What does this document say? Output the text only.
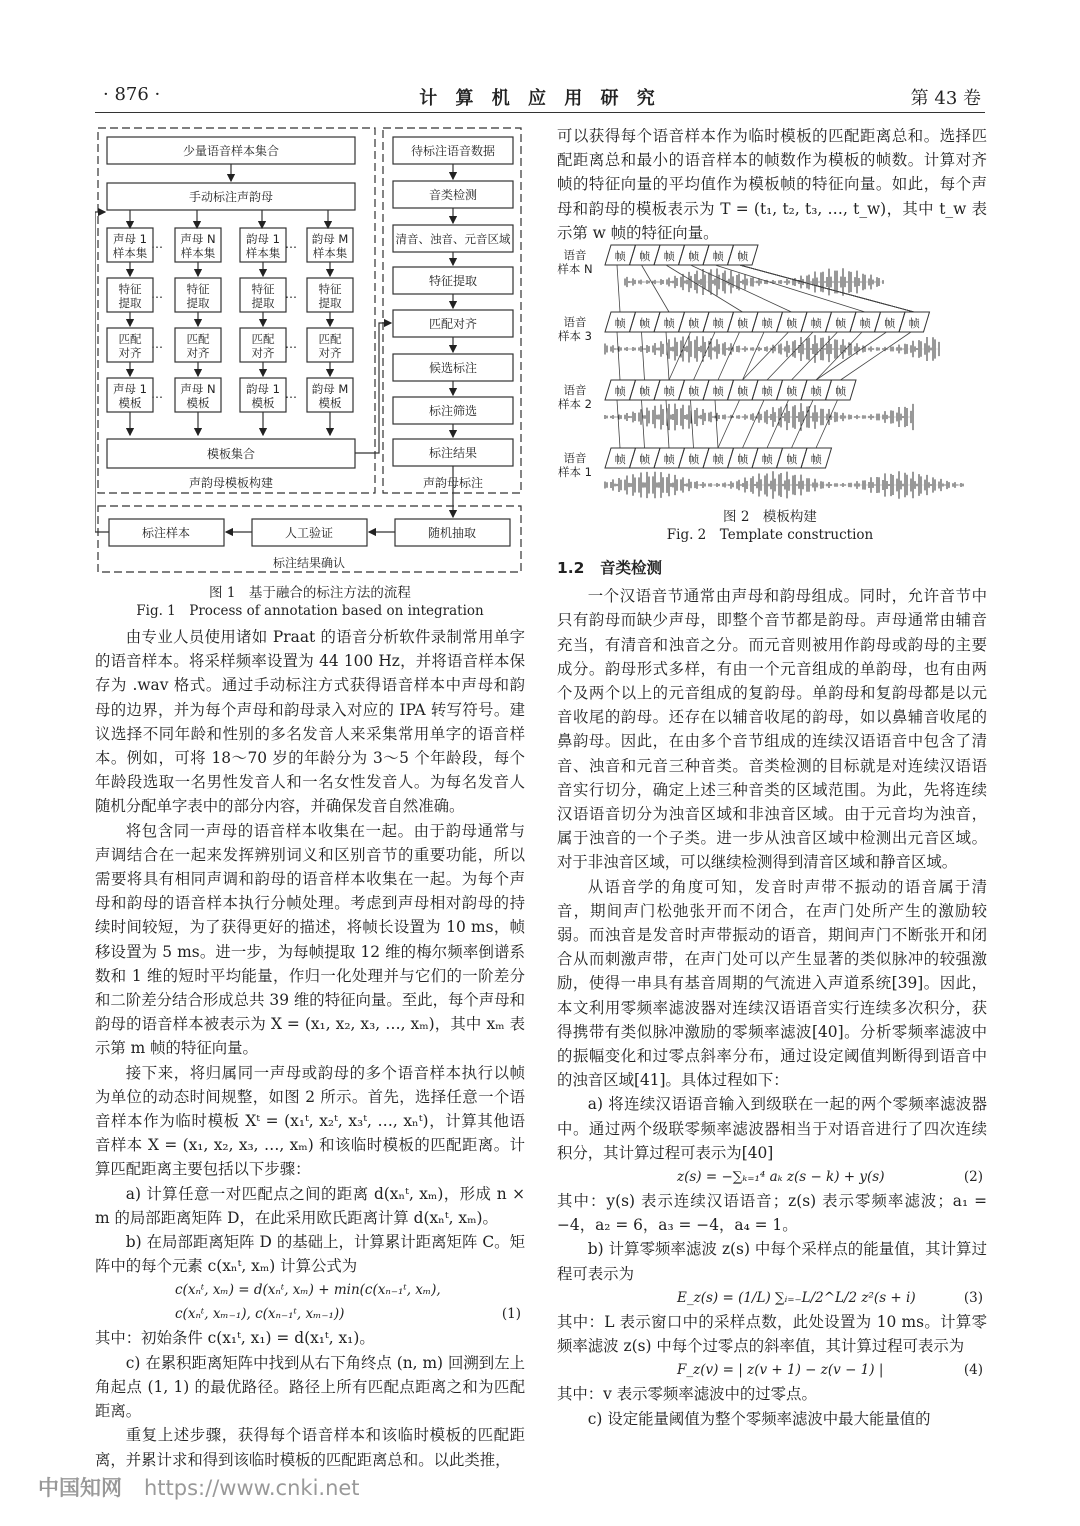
· 876 ·	计 算 机 应 用 研 究	第 43 卷
声母 1
样本集
声母 N
样本集
韵母 1
样本集
韵母 M
样本集
…	…
特征
提取
特征
提取
特征
提取
特征
提取
…	…
匹配
对齐
匹配
对齐
匹配
对齐
匹配
对齐
…	…
声母 1
模板
声母 N
模板
韵母 1
模板
韵母 M
模板
…	…
少量语音样本集合
手动标注声韵母
模板集合
声韵母模板构建
待标注语音数据
音类检测
清音、浊音、元音区域
特征提取
匹配对齐
候选标注
标注筛选
标注结果
声韵母标注
标注样本	人工验证	随机抽取
标注结果确认
图 1　基于融合的标注方法的流程
Fig. 1　Process of annotation based on integration

由专业人员使用诸如 Praat 的语音分析软件录制常用单字的语音样本。将采样频率设置为 44 100 Hz，并将语音样本保存为 .wav 格式。通过手动标注方式获得语音样本中声母和韵母的边界，并为每个声母和韵母录入对应的 IPA 转写符号。建议选择不同年龄和性别的多名发音人来采集常用单字的语音样本。例如，可将 18～70 岁的年龄分为 3～5 个年龄段，每个年龄段选取一名男性发音人和一名女性发音人。为每名发音人随机分配单字表中的部分内容，并确保发音自然准确。

将包含同一声母的语音样本收集在一起。由于韵母通常与声调结合在一起来发挥辨别词义和区别音节的重要功能，所以需要将具有相同声调和韵母的语音样本收集在一起。为每个声母和韵母的语音样本执行分帧处理。考虑到声母相对韵母的持续时间较短，为了获得更好的描述，将帧长设置为 10 ms，帧移设置为 5 ms。进一步，为每帧提取 12 维的梅尔频率倒谱系数和 1 维的短时平均能量，作归一化处理并与它们的一阶差分和二阶差分结合形成总共 39 维的特征向量。至此，每个声母和韵母的语音样本被表示为 X = (x₁, x₂, x₃, …, xₘ)，其中 xₘ 表示第 m 帧的特征向量。

接下来，将归属同一声母或韵母的多个语音样本执行以帧为单位的动态时间规整，如图 2 所示。首先，选择任意一个语音样本作为临时模板 Xᵗ = (x₁ᵗ, x₂ᵗ, x₃ᵗ, …, xₙᵗ)，计算其他语音样本 X = (x₁, x₂, x₃, …, xₘ) 和该临时模板的匹配距离。计算匹配距离主要包括以下步骤：

a) 计算任意一对匹配点之间的距离 d(xₙᵗ, xₘ)，形成 n × m 的局部距离矩阵 D，在此采用欧氏距离计算 d(xₙᵗ, xₘ)。

b) 在局部距离矩阵 D 的基础上，计算累计距离矩阵 C。矩阵中的每个元素 c(xₙᵗ, xₘ) 计算公式为

c(xₙᵗ, xₘ) = d(xₙᵗ, xₘ) + min(c(xₙ₋₁ᵗ, xₘ),
c(xₙᵗ, xₘ₋₁), c(xₙ₋₁ᵗ, xₘ₋₁))	(1)

其中：初始条件 c(x₁ᵗ, x₁) = d(x₁ᵗ, x₁)。

c) 在累积距离矩阵中找到从右下角终点 (n, m) 回溯到左上角起点 (1, 1) 的最优路径。路径上所有匹配点距离之和为匹配距离。

重复上述步骤，获得每个语音样本和该临时模板的匹配距离，并累计求和得到该临时模板的匹配距离总和。以此类推，

可以获得每个语音样本作为临时模板的匹配距离总和。选择匹配距离总和最小的语音样本的帧数作为模板的帧数。计算对齐帧的特征向量的平均值作为模板帧的特征向量。如此，每个声母和韵母的模板表示为 T = (t₁, t₂, t₃, …, t_w)，其中 t_w 表示第 w 帧的特征向量。

语音
样本 N
帧 帧 帧 帧 帧 帧
语音
样本 3
帧 帧 帧 帧 帧 帧 帧 帧 帧 帧 帧 帧 帧
语音
样本 2
帧 帧 帧 帧 帧 帧 帧 帧 帧 帧
语音
样本 1
帧 帧 帧 帧 帧 帧 帧 帧 帧
图 2　模板构建
Fig. 2　Template construction
1.2　音类检测

一个汉语音节通常由声母和韵母组成。同时，允许音节中只有韵母而缺少声母，即整个音节都是韵母。声母通常由辅音充当，有清音和浊音之分。而元音则被用作韵母或韵母的主要成分。韵母形式多样，有由一个元音组成的单韵母，也有由两个及两个以上的元音组成的复韵母。单韵母和复韵母都是以元音收尾的韵母。还存在以辅音收尾的韵母，如以鼻辅音收尾的鼻韵母。因此，在由多个音节组成的连续汉语语音中包含了清音、浊音和元音三种音类。音类检测的目标就是对连续汉语语音实行切分，确定上述三种音类的区域范围。为此，先将连续汉语语音切分为浊音区域和非浊音区域。由于元音均为浊音，属于浊音的一个子类。进一步从浊音区域中检测出元音区域。对于非浊音区域，可以继续检测得到清音区域和静音区域。

从语音学的角度可知，发音时声带不振动的语音属于清音，期间声门松弛张开而不闭合，在声门处所产生的激励较弱。而浊音是发音时声带振动的语音，期间声门不断张开和闭合从而刺激声带，在声门处可以产生显著的类似脉冲的较强激励，使得一串具有基音周期的气流进入声道系统[39]。因此，本文利用零频率滤波器对连续汉语语音实行连续多次积分，获得携带有类似脉冲激励的零频率滤波[40]。分析零频率滤波中的振幅变化和过零点斜率分布，通过设定阈值判断得到语音中的浊音区域[41]。具体过程如下：

a) 将连续汉语语音输入到级联在一起的两个零频率滤波器中。通过两个级联零频率滤波器相当于对语音进行了四次连续积分，其计算过程可表示为[40]

z(s) = −∑ₖ₌₁⁴ aₖ z(s − k) + y(s)	(2)

其中：y(s) 表示连续汉语语音；z(s) 表示零频率滤波；a₁ = −4，a₂ = 6，a₃ = −4，a₄ = 1。

b) 计算零频率滤波 z(s) 中每个采样点的能量值，其计算过程可表示为

E_z(s) = (1/L) ∑ᵢ₌₋L/2^L/2 z²(s + i)	(3)

其中：L 表示窗口中的采样点数，此处设置为 10 ms。计算零频率滤波 z(s) 中每个过零点的斜率值，其计算过程可表示为

F_z(v) = | z(v + 1) − z(v − 1) |	(4)

其中：v 表示零频率滤波中的过零点。

c) 设定能量阈值为整个零频率滤波中最大能量值的

中国知网 https://www.cnki.net
